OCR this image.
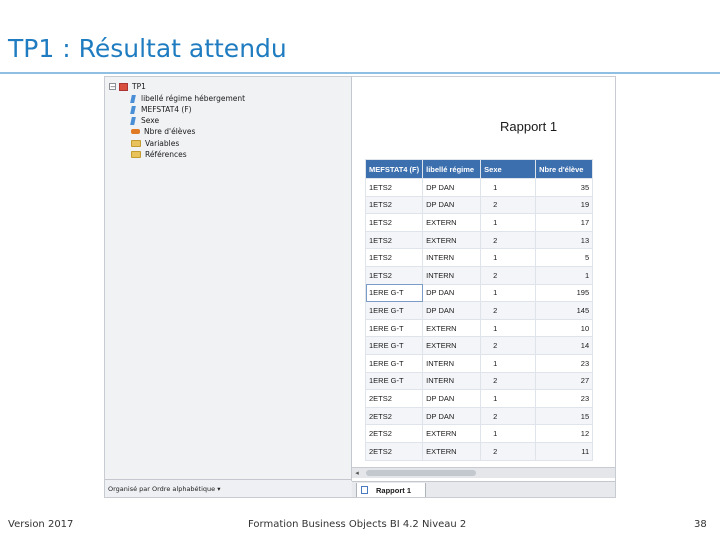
TP1 : Résultat attendu
− TP1
libellé régime hébergement
MEFSTAT4 (F)
Sexe
Nbre d'élèves
Variables
Références
Organisé par Ordre alphabétique ▾
Rapport 1
MEFSTAT4 (F)	libellé régime	Sexe	Nbre d'élève
1ETS2	DP DAN	1	35
1ETS2	DP DAN	2	19
1ETS2	EXTERN	1	17
1ETS2	EXTERN	2	13
1ETS2	INTERN	1	5
1ETS2	INTERN	2	1
1ERE G-T	DP DAN	1	195
1ERE G-T	DP DAN	2	145
1ERE G-T	EXTERN	1	10
1ERE G-T	EXTERN	2	14
1ERE G-T	INTERN	1	23
1ERE G-T	INTERN	2	27
2ETS2	DP DAN	1	23
2ETS2	DP DAN	2	15
2ETS2	EXTERN	1	12
2ETS2	EXTERN	2	11
◂
Rapport 1
Version 2017	Formation Business Objects BI 4.2 Niveau 2	38
